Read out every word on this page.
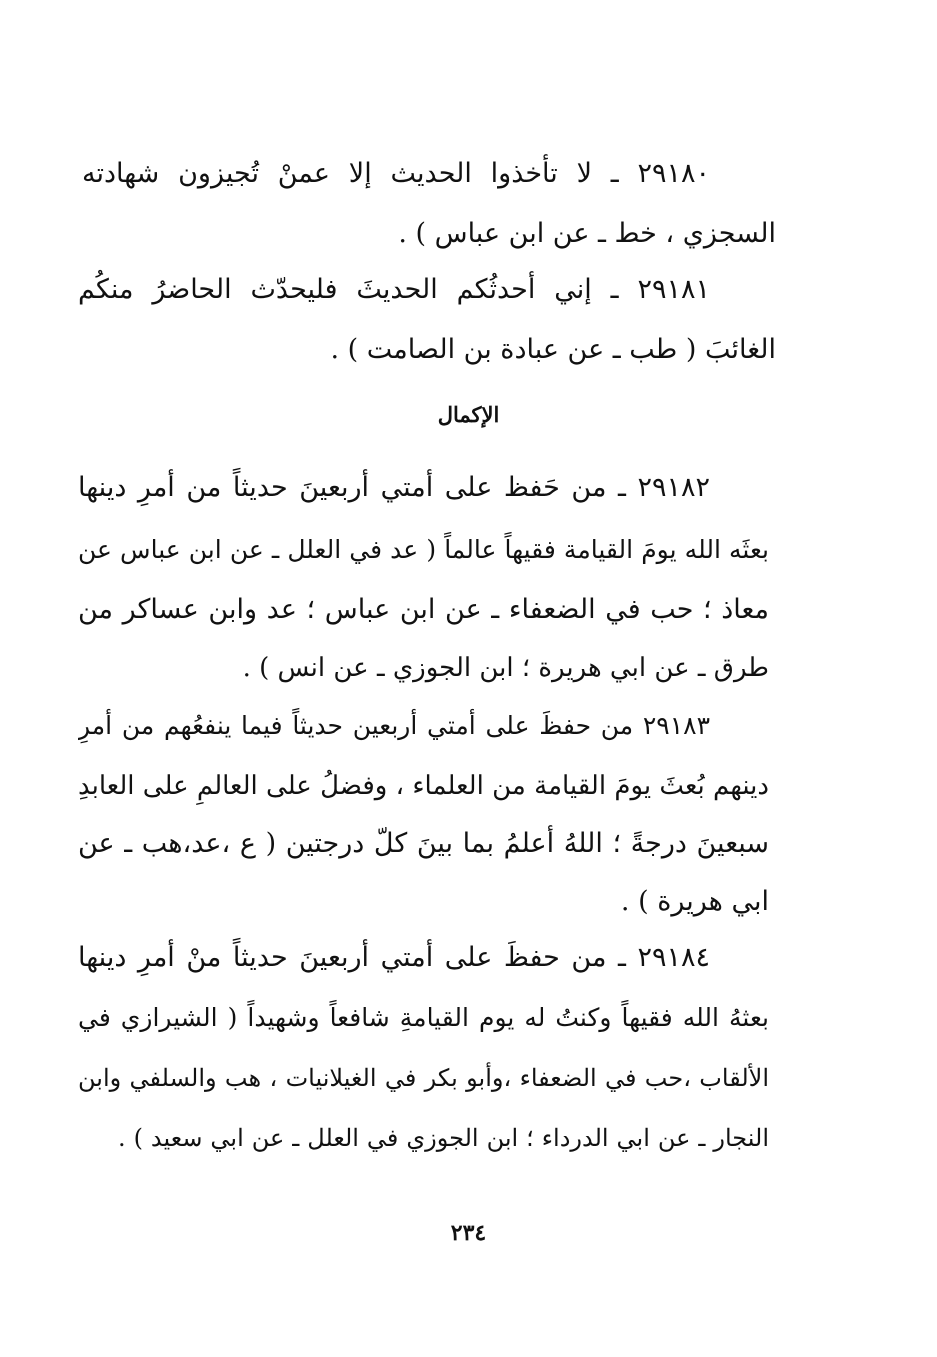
٢٩١٨٠ ـ لا تأخذوا الحديث إلا عمنْ تُجيزون شهادته
السجزي ، خط ـ عن ابن عباس ) .
٢٩١٨١ ـ إني أحدثُكم الحديثَ فليحدّث الحاضرُ منكُم
الغائبَ ( طب ـ عن عبادة بن الصامت ) .
الإكمال
٢٩١٨٢ ـ من حَفظ على أمتي أربعينَ حديثاً من أمرِ دينها
بعثَه الله يومَ القيامة فقيهاً عالماً ( عد في العلل ـ عن ابن عباس عن
معاذ ؛ حب في الضعفاء ـ عن ابن عباس ؛ عد وابن عساكر من
طرق ـ عن ابي هريرة ؛ ابن الجوزي ـ عن انس ) .
٢٩١٨٣ من حفظَ على أمتي أربعين حديثاً فيما ينفعُهم من أمرِ
دينهم بُعثَ يومَ القيامة من العلماء ، وفضلُ على العالمِ على العابدِ
سبعينَ درجةً ؛ اللهُ أعلمُ بما بينَ كلّ درجتين ( ع ،عد،هب ـ عن
ابي هريرة ) .
٢٩١٨٤ ـ من حفظَ على أمتي أربعينَ حديثاً منْ أمرِ دينها
بعثهُ الله فقيهاً وكنتُ له يوم القيامةِ شافعاً وشهيداً ( الشيرازي في
الألقاب ،حب في الضعفاء ،وأبو بكر في الغيلانيات ، هب والسلفي وابن
النجار ـ عن ابي الدرداء ؛ ابن الجوزي في العلل ـ عن ابي سعيد ) .
٢٣٤
